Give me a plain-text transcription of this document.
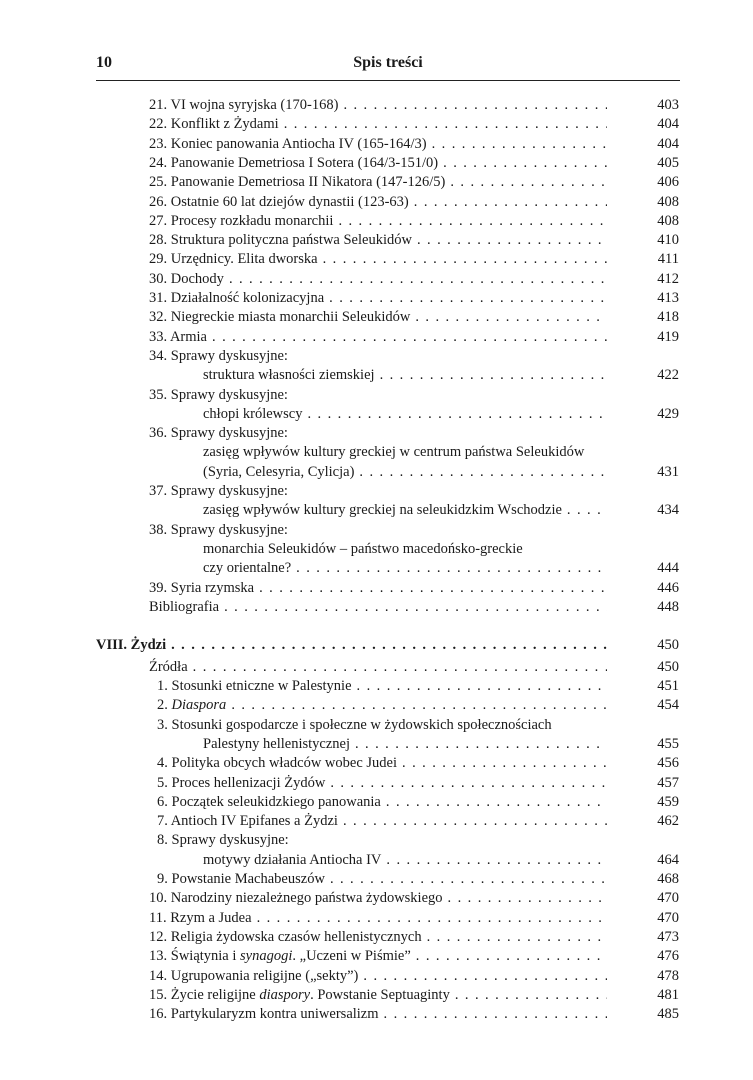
10	Spis treści
21. VI wojna syryjska (170-168) . . .	403
22. Konflikt z Żydami . . .	404
23. Koniec panowania Antiocha IV (165-164/3) . . .	404
24. Panowanie Demetriosa I Sotera (164/3-151/0) . . .	405
25. Panowanie Demetriosa II Nikatora (147-126/5) . . .	406
26. Ostatnie 60 lat dziejów dynastii (123-63) . . .	408
27. Procesy rozkładu monarchii . . .	408
28. Struktura polityczna państwa Seleukidów . . .	410
29. Urzędnicy. Elita dworska . . .	411
30. Dochody . . .	412
31. Działalność kolonizacyjna . . .	413
32. Niegreckie miasta monarchii Seleukidów . . .	418
33. Armia . . .	419
34. Sprawy dyskusyjne:
struktura własności ziemskiej . . .	422
35. Sprawy dyskusyjne:
chłopi królewscy . . .	429
36. Sprawy dyskusyjne:
zasięg wpływów kultury greckiej w centrum państwa Seleukidów
(Syria, Celesyria, Cylicja) . . .	431
37. Sprawy dyskusyjne:
zasięg wpływów kultury greckiej na seleukidzkim Wschodzie . . .	434
38. Sprawy dyskusyjne:
monarchia Seleukidów – państwo macedońsko-greckie
czy orientalne? . . .	444
39. Syria rzymska . . .	446
Bibliografia . . .	448
VIII. Żydzi . . .	450
Źródła . . .	450
1. Stosunki etniczne w Palestynie . . .	451
2. Diaspora . . .	454
3. Stosunki gospodarcze i społeczne w żydowskich społecznościach
Palestyny hellenistycznej . . .	455
4. Polityka obcych władców wobec Judei . . .	456
5. Proces hellenizacji Żydów . . .	457
6. Początek seleukidzkiego panowania . . .	459
7. Antioch IV Epifanes a Żydzi . . .	462
8. Sprawy dyskusyjne:
motywy działania Antiocha IV . . .	464
9. Powstanie Machabeuszów . . .	468
10. Narodziny niezależnego państwa żydowskiego . . .	470
11. Rzym a Judea . . .	470
12. Religia żydowska czasów hellenistycznych . . .	473
13. Świątynia i synagogi. „Uczeni w Piśmie” . . .	476
14. Ugrupowania religijne („sekty”) . . .	478
15. Życie religijne diaspory. Powstanie Septuaginty . . .	481
16. Partykularyzm kontra uniwersalizm . . .	485
